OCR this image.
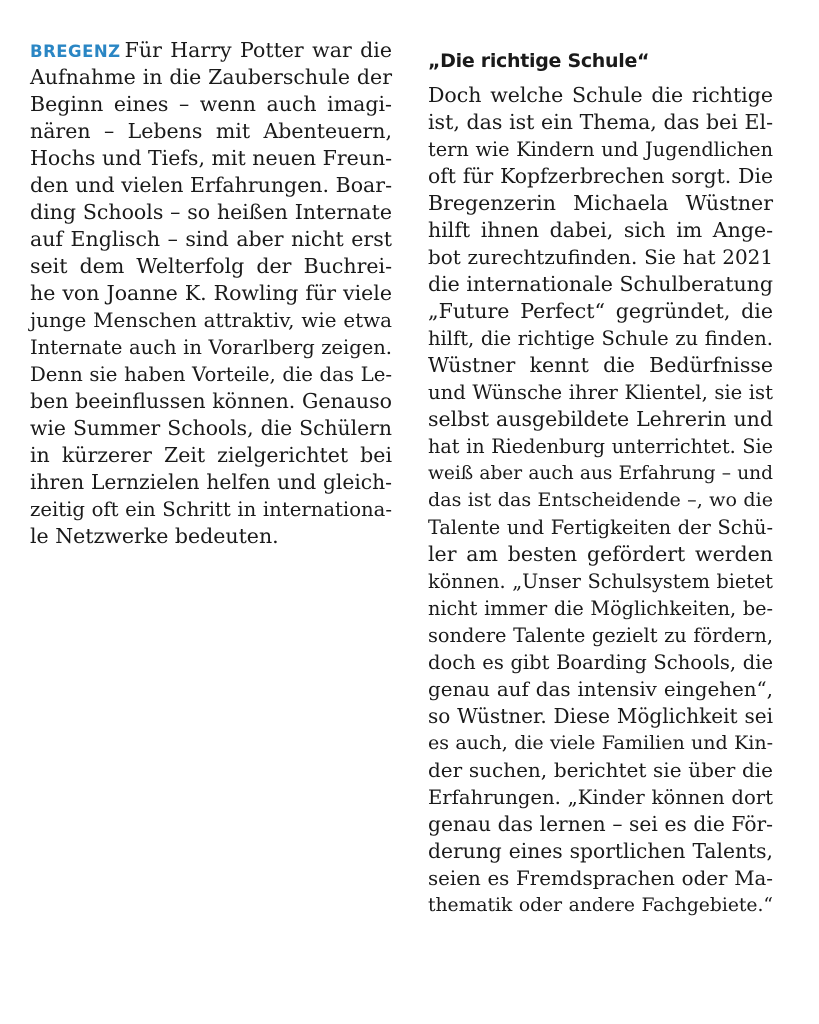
BREGENZ Für Harry Potter war die
Aufnahme in die Zauberschule der
Beginn eines – wenn auch imagi-
nären – Lebens mit Abenteuern,
Hochs und Tiefs, mit neuen Freun-
den und vielen Erfahrungen. Boar-
ding Schools – so heißen Internate
auf Englisch – sind aber nicht erst
seit dem Welterfolg der Buchrei-
he von Joanne K. Rowling für viele
junge Menschen attraktiv, wie etwa
Internate auch in Vorarlberg zeigen.
Denn sie haben Vorteile, die das Le-
ben beeinflussen können. Genauso
wie Summer Schools, die Schülern
in kürzerer Zeit zielgerichtet bei
ihren Lernzielen helfen und gleich-
zeitig oft ein Schritt in internationa-
le Netzwerke bedeuten.
„Die richtige Schule“
Doch welche Schule die richtige
ist, das ist ein Thema, das bei El-
tern wie Kindern und Jugendlichen
oft für Kopfzerbrechen sorgt. Die
Bregenzerin Michaela Wüstner
hilft ihnen dabei, sich im Ange-
bot zurechtzufinden. Sie hat 2021
die internationale Schulberatung
„Future Perfect“ gegründet, die
hilft, die richtige Schule zu finden.
Wüstner kennt die Bedürfnisse
und Wünsche ihrer Klientel, sie ist
selbst ausgebildete Lehrerin und
hat in Riedenburg unterrichtet. Sie
weiß aber auch aus Erfahrung – und
das ist das Entscheidende –, wo die
Talente und Fertigkeiten der Schü-
ler am besten gefördert werden
können. „Unser Schulsystem bietet
nicht immer die Möglichkeiten, be-
sondere Talente gezielt zu fördern,
doch es gibt Boarding Schools, die
genau auf das intensiv eingehen“,
so Wüstner. Diese Möglichkeit sei
es auch, die viele Familien und Kin-
der suchen, berichtet sie über die
Erfahrungen. „Kinder können dort
genau das lernen – sei es die För-
derung eines sportlichen Talents,
seien es Fremdsprachen oder Ma-
thematik oder andere Fachgebiete.“
